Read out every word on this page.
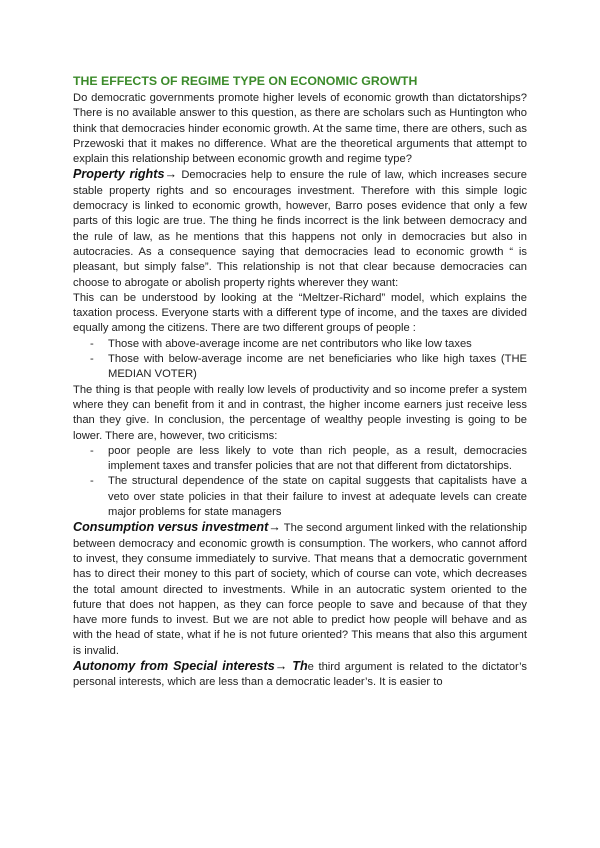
THE EFFECTS OF REGIME TYPE ON ECONOMIC GROWTH

Do democratic governments promote higher levels of economic growth than dictatorships? There is no available answer to this question, as there are scholars such as Huntington who think that democracies hinder economic growth. At the same time, there are others, such as Przewoski that it makes no difference. What are the theoretical arguments that attempt to explain this relationship between economic growth and regime type?

Property rights→ Democracies help to ensure the rule of law, which increases secure stable property rights and so encourages investment. Therefore with this simple logic democracy is linked to economic growth, however, Barro poses evidence that only a few parts of this logic are true. The thing he finds incorrect is the link between democracy and the rule of law, as he mentions that this happens not only in democracies but also in autocracies. As a consequence saying that democracies lead to economic growth “ is pleasant, but simply false”. This relationship is not that clear because democracies can choose to abrogate or abolish property rights wherever they want:

This can be understood by looking at the “Meltzer-Richard” model, which explains the taxation process. Everyone starts with a different type of income, and the taxes are divided equally among the citizens. There are two different groups of people :

- Those with above-average income are net contributors who like low taxes
- Those with below-average income are net beneficiaries who like high taxes (THE MEDIAN VOTER)

The thing is that people with really low levels of productivity and so income prefer a system where they can benefit from it and in contrast, the higher income earners just receive less than they give. In conclusion, the percentage of wealthy people investing is going to be lower. There are, however, two criticisms:

- poor people are less likely to vote than rich people, as a result, democracies implement taxes and transfer policies that are not that different from dictatorships.
- The structural dependence of the state on capital suggests that capitalists have a veto over state policies in that their failure to invest at adequate levels can create major problems for state managers

Consumption versus investment→ The second argument linked with the relationship between democracy and economic growth is consumption. The workers, who cannot afford to invest, they consume immediately to survive. That means that a democratic government has to direct their money to this part of society, which of course can vote, which decreases the total amount directed to investments. While in an autocratic system oriented to the future that does not happen, as they can force people to save and because of that they have more funds to invest. But we are not able to predict how people will behave and as with the head of state, what if he is not future oriented? This means that also this argument is invalid.

Autonomy from Special interests→ The third argument is related to the dictator’s personal interests, which are less than a democratic leader’s. It is easier to
